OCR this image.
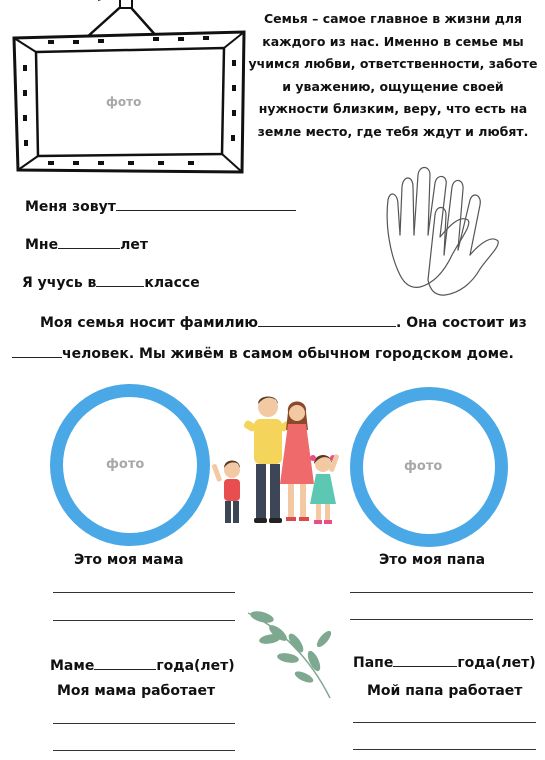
фото
Семья – самое главное в жизни для каждого из нас. Именно в семье мы учимся любви, ответственности, заботе и уважению, ощущение своей нужности близким, веру, что есть на земле место, где тебя ждут и любят.
Меня зовут
Мне	лет
Я учусь в	классе
Моя семья носит фамилию	. Она состоит из
человек. Мы живём в самом обычном городском доме.
фото	фото
Это моя мама	Это моя папа
Маме	года(лет)	Папе	года(лет)
Моя мама работает	Мой папа работает
